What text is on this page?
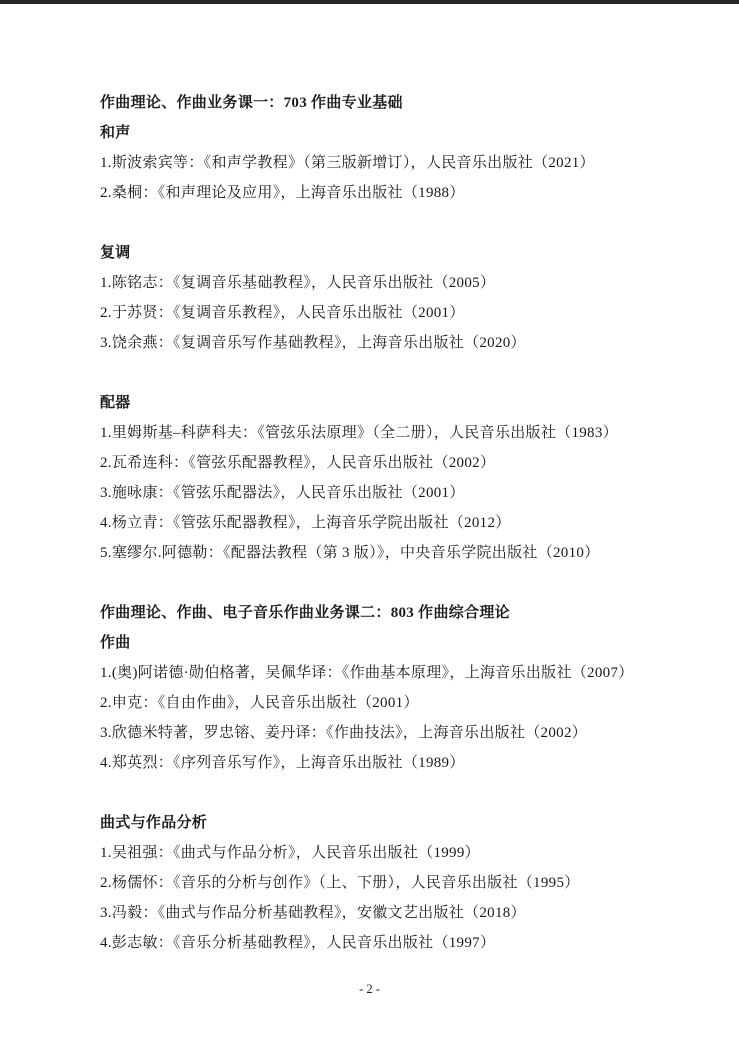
作曲理论、作曲业务课一：703 作曲专业基础

和声

1.斯波索宾等：《和声学教程》（第三版新增订），人民音乐出版社（2021）

2.桑桐：《和声理论及应用》，上海音乐出版社（1988）

复调

1.陈铭志：《复调音乐基础教程》，人民音乐出版社（2005）

2.于苏贤：《复调音乐教程》，人民音乐出版社（2001）

3.饶余燕：《复调音乐写作基础教程》，上海音乐出版社（2020）

配器

1.里姆斯基–科萨科夫：《管弦乐法原理》（全二册），人民音乐出版社（1983）

2.瓦希连科：《管弦乐配器教程》，人民音乐出版社（2002）

3.施咏康：《管弦乐配器法》，人民音乐出版社（2001）

4.杨立青：《管弦乐配器教程》，上海音乐学院出版社（2012）

5.塞缪尔.阿德勒：《配器法教程（第 3 版）》，中央音乐学院出版社（2010）

作曲理论、作曲、电子音乐作曲业务课二：803 作曲综合理论

作曲

1.(奥)阿诺德·勋伯格著，吴佩华译：《作曲基本原理》，上海音乐出版社（2007）

2.申克：《自由作曲》，人民音乐出版社（2001）

3.欣德米特著，罗忠镕、姜丹译：《作曲技法》，上海音乐出版社（2002）

4.郑英烈：《序列音乐写作》，上海音乐出版社（1989）

曲式与作品分析

1.吴祖强：《曲式与作品分析》，人民音乐出版社（1999）

2.杨儒怀：《音乐的分析与创作》（上、下册），人民音乐出版社（1995）

3.冯毅：《曲式与作品分析基础教程》，安徽文艺出版社（2018）

4.彭志敏：《音乐分析基础教程》，人民音乐出版社（1997）

- 2 -
